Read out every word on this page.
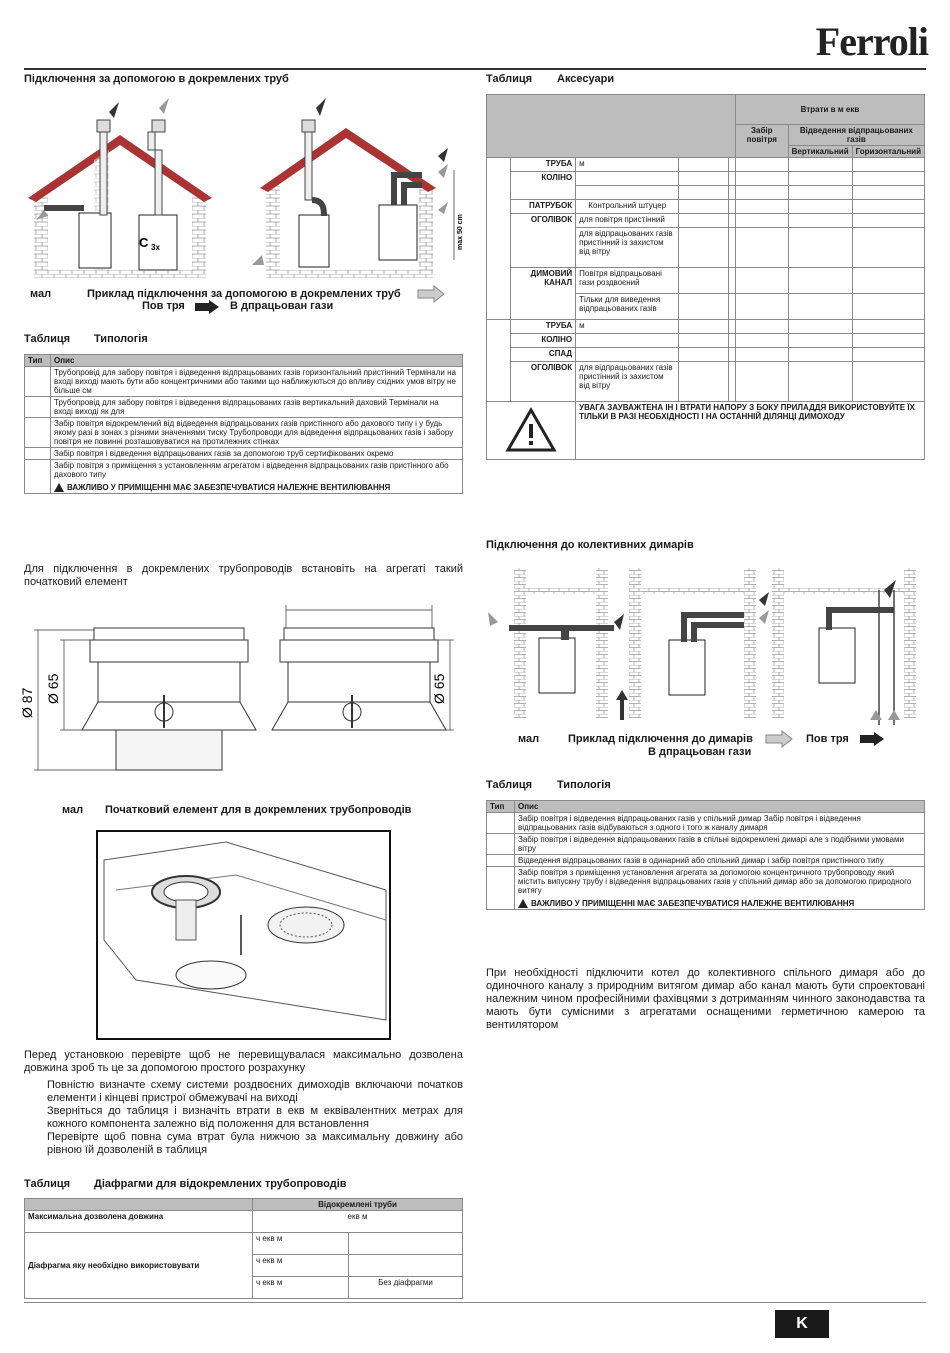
Ferroli
Підключення за допомогою в докремлених труб
C 3x	max 50 cm
мал	Приклад підключення за допомогою в докремлених труб
Пов тря	В дпрацьован гази
Таблиця Типологія
Тип	Опис
	Трубопровід для забору повітря і відведення відпрацьованих газів горизонтальний пристінний Термінали на вході виході мають бути або концентричними або такими що наближуються до впливу східних умов вітру не більше см
	Трубопровід для забору повітря і відведення відпрацьованих газів вертикальний даховий Термінали на вході виході як для
	Забір повітря відокремлений від відведення відпрацьованих газів пристінного або дахового типу і у будь якому разі в зонах з різними значеннями тиску Трубопроводи для відведення відпрацьованих газів і забору повітря не повинні розташовуватися на протилежних стінках
	Забір повітря і відведення відпрацьованих газів за допомогою труб сертифікованих окремо

	Забір повітря з приміщення з установленням агрегатом і відведення відпрацьованих газів пристінного або дахового типу
ВАЖЛИВО У ПРИМІЩЕННІ МАЄ ЗАБЕЗПЕЧУВАТИСЯ НАЛЕЖНЕ ВЕНТИЛЮВАННЯ
Для підключення в докремлених трубопроводів встановіть на агрегаті такий початковий елемент
Ø 87 Ø 65	Ø 65
мал Початковий елемент для в докремлених трубопроводів
Перед установкою перевірте щоб не перевищувалася максимально дозволена довжина зроб ть це за допомогою простого розрахунку

Повністю визначте схему системи роздвоєних димоходів включаючи початков елементи і кінцеві пристрої обмежувачі на виході

Зверніться до таблиця і визначіть втрати в екв м еквівалентних метрах для кожного компонента залежно від положення для встановлення

Перевірте щоб повна сума втрат була нижчою за максимальну довжину або рівною їй дозволеній в таблиця

Таблиця Діафрагми для відокремлених трубопроводів
	Відокремлені труби	
Максимальна дозволена довжина	екв м	
Діафрагма яку необхідно використовувати	ч екв м	
	ч екв м	
	ч екв м	Без діафрагми
Таблиця Аксесуари
					Втрати в м екв		
					Забір повітря	Відведення відпрацьованих газів	
						Вертикальний	Горизонтальний
	ТРУБА	м					
	КОЛІНО						

	ПАТРУБОК	Контрольний штуцер					
	ОГОЛІВОК	для повітря пристінний					
		для відпрацьованих газів пристінний із захистом від вітру					
	ДИМОВИЙ КАНАЛ	Повітря відпрацьовані гази роздвоєний					
		Тільки для виведення відпрацьованих газів					
	ТРУБА	м					
	КОЛІНО						
	СПАД						
	ОГОЛІВОК	для відпрацьованих газів пристінний із захистом від вітру					
	УВАГА ЗАУВАЖТЕНА ІН І ВТРАТИ НАПОРУ З БОКУ ПРИЛАДДЯ ВИКОРИСТОВУЙТЕ ЇХ ТІЛЬКИ В РАЗІ НЕОБХІДНОСТІ І НА ОСТАННІЙ ДІЛЯНЦІ ДИМОХОДУ					
Підключення до колективних димарів
мал	Приклад підключення до димарів	Пов тря
В дпрацьован гази
Таблиця Типологія
Тип	Опис
	Забір повітря і відведення відпрацьованих газів у спільний димар Забір повітря і відведення відпрацьованих газів відбуваються з одного і того ж каналу димаря
	Забір повітря і відведення відпрацьованих газів в спільні відокремлені димарі але з подібними умовами вітру
	Відведення відпрацьованих газів в одинарний або спільний димар і забір повітря пристінного типу

	Забір повітря з приміщення установлення агрегата за допомогою концентричного трубопроводу який містить випускну трубу і відведення відпрацьованих газів у спільний димар або за допомогою природного витягу
ВАЖЛИВО У ПРИМІЩЕННІ МАЄ ЗАБЕЗПЕЧУВАТИСЯ НАЛЕЖНЕ ВЕНТИЛЮВАННЯ
При необхідності підключити котел до колективного спільного димаря або до одиночного каналу з природним витягом димар або канал мають бути спроектовані належним чином професійними фахівцями з дотриманням чинного законодавства та мають бути сумісними з агрегатами оснащеними герметичною камерою та вентилятором
K
